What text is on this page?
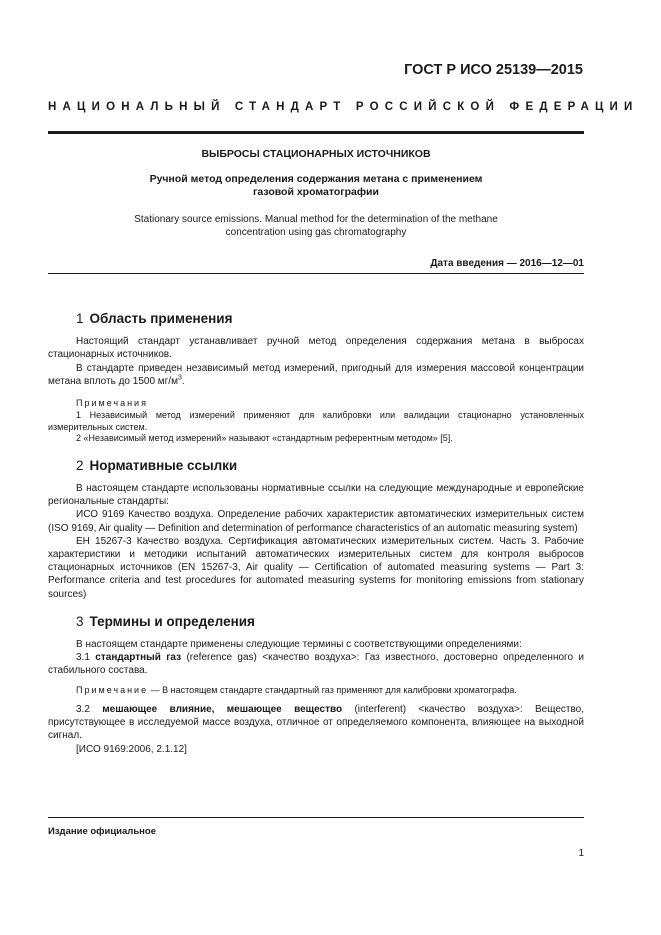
ГОСТ Р ИСО 25139—2015
НАЦИОНАЛЬНЫЙ СТАНДАРТ РОССИЙСКОЙ ФЕДЕРАЦИИ
ВЫБРОСЫ СТАЦИОНАРНЫХ ИСТОЧНИКОВ
Ручной метод определения содержания метана с применением
газовой хроматографии
Stationary source emissions. Manual method for the determination of the methane
concentration using gas chromatography
Дата введения — 2016—12—01
1 Область применения

Настоящий стандарт устанавливает ручной метод определения содержания метана в выбросах стационарных источников.

В стандарте приведен независимый метод измерений, пригодный для измерения массовой концентрации метана вплоть до 1500 $мг/м^3$.

Примечания
1 Независимый метод измерений применяют для калибровки или валидации стационарно установленных измерительных систем.
2 «Независимый метод измерений» называют «стандартным референтным методом» [5].
2 Нормативные ссылки

В настоящем стандарте использованы нормативные ссылки на следующие международные и европейские региональные стандарты:

ИСО 9169 Качество воздуха. Определение рабочих характеристик автоматических измерительных систем (ISO 9169, Air quality — Definition and determination of performance characteristics of an automatic measuring system)

ЕН 15267-3 Качество воздуха. Сертификация автоматических измерительных систем. Часть 3. Рабочие характеристики и методики испытаний автоматических измерительных систем для контроля выбросов стационарных источников (EN 15267-3, Air quality — Certification of automated measuring systems — Part 3: Performance criteria and test procedures for automated measuring systems for monitoring emissions from stationary sources)

3 Термины и определения

В настоящем стандарте применены следующие термины с соответствующими определениями:

3.1 стандартный газ (reference gas) <качество воздуха>: Газ известного, достоверно определенного и стабильного состава.

Примечание — В настоящем стандарте стандартный газ применяют для калибровки хроматографа.

3.2 мешающее влияние, мешающее вещество (interferent) <качество воздуха>: Вещество, присутствующее в исследуемой массе воздуха, отличное от определяемого компонента, влияющее на выходной сигнал.

[ИСО 9169:2006, 2.1.12]

Издание официальное
1
